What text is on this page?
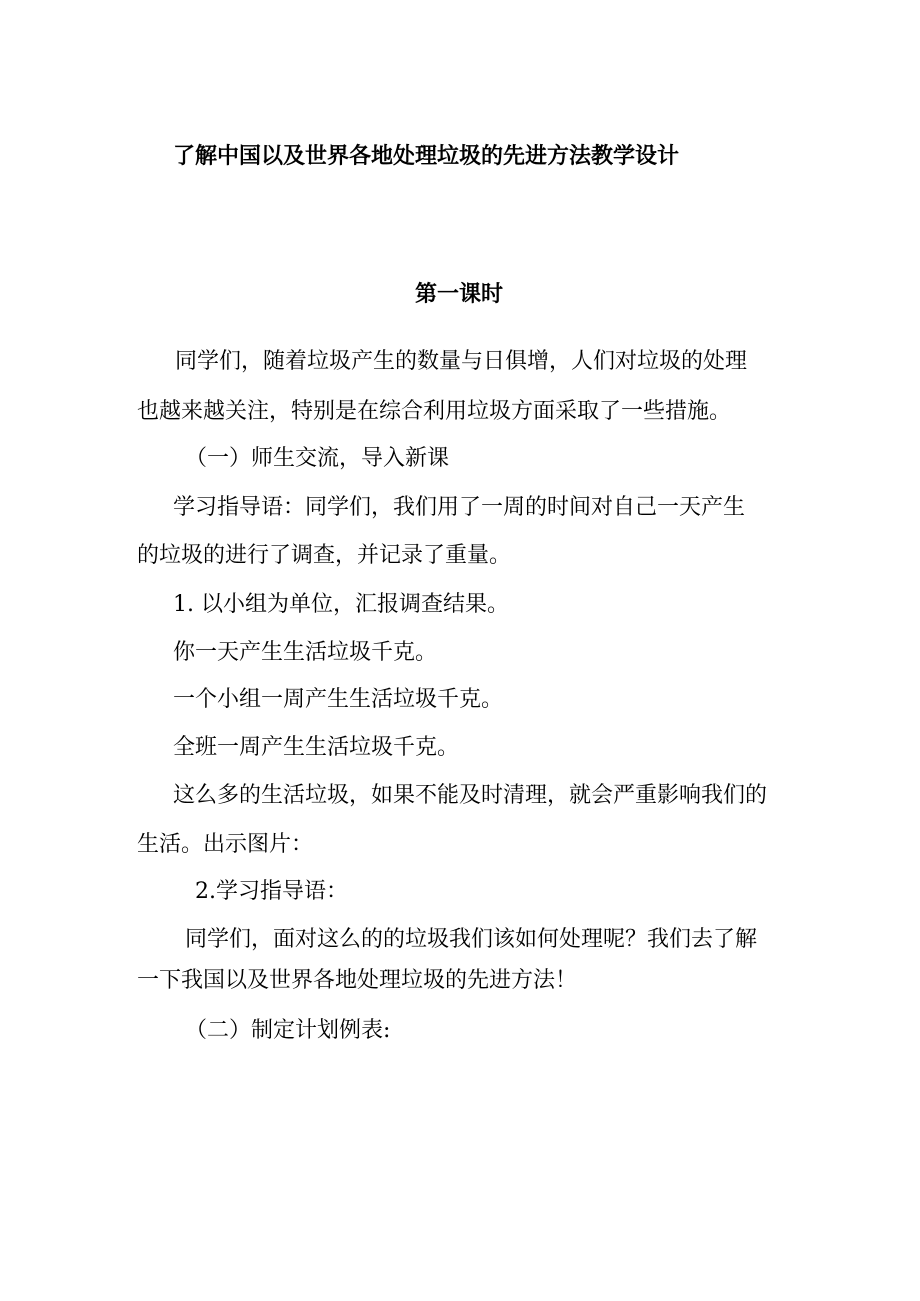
了解中国以及世界各地处理垃圾的先进方法教学设计

第一课时

同学们，随着垃圾产生的数量与日俱增，人们对垃圾的处理

也越来越关注，特别是在综合利用垃圾方面采取了一些措施。

（一）师生交流，导入新课

学习指导语：同学们，我们用了一周的时间对自己一天产生

的垃圾的进行了调查，并记录了重量。

1. 以小组为单位，汇报调查结果。

你一天产生生活垃圾千克。

一个小组一周产生生活垃圾千克。

全班一周产生生活垃圾千克。

这么多的生活垃圾，如果不能及时清理，就会严重影响我们的

生活。出示图片：

2.学习指导语：

同学们，面对这么的的垃圾我们该如何处理呢？我们去了解

一下我国以及世界各地处理垃圾的先进方法！

（二）制定计划例表:
